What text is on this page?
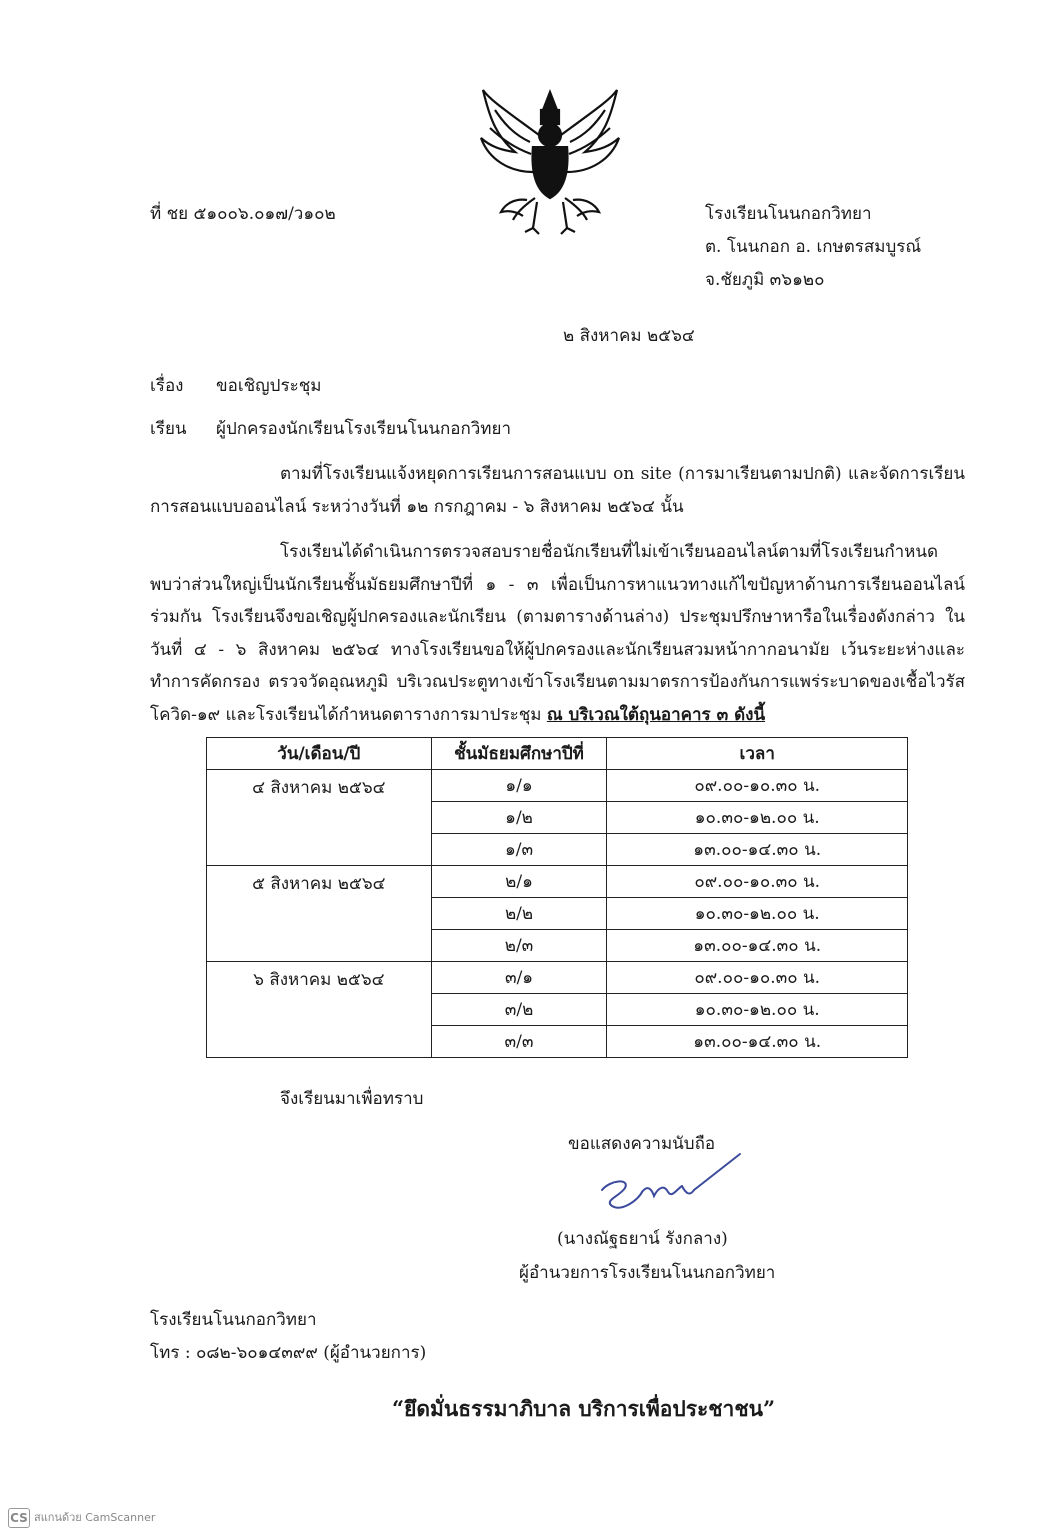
ที่ ชย ๕๑๐๐๖.๐๑๗/ว๑๐๒	โรงเรียนโนนกอกวิทยา
ต. โนนกอก อ. เกษตรสมบูรณ์
จ.ชัยภูมิ ๓๖๑๒๐
๒ สิงหาคม ๒๕๖๔
เรื่อง ขอเชิญประชุม
เรียน ผู้ปกครองนักเรียนโรงเรียนโนนกอกวิทยา
ตามที่โรงเรียนแจ้งหยุดการเรียนการสอนแบบ on site (การมาเรียนตามปกติ) และจัดการเรียนการสอนแบบออนไลน์ ระหว่างวันที่ ๑๒ กรกฎาคม - ๖ สิงหาคม ๒๕๖๔ นั้น
โรงเรียนได้ดำเนินการตรวจสอบรายชื่อนักเรียนที่ไม่เข้าเรียนออนไลน์ตามที่โรงเรียนกำหนด พบว่าส่วนใหญ่เป็นนักเรียนชั้นมัธยมศึกษาปีที่ ๑ - ๓ เพื่อเป็นการหาแนวทางแก้ไขปัญหาด้านการเรียนออนไลน์ร่วมกัน โรงเรียนจึงขอเชิญผู้ปกครองและนักเรียน (ตามตารางด้านล่าง) ประชุมปรึกษาหารือในเรื่องดังกล่าว ในวันที่ ๔ - ๖ สิงหาคม ๒๕๖๔ ทางโรงเรียนขอให้ผู้ปกครองและนักเรียนสวมหน้ากากอนามัย เว้นระยะห่างและทำการคัดกรอง ตรวจวัดอุณหภูมิ บริเวณประตูทางเข้าโรงเรียนตามมาตรการป้องกันการแพร่ระบาดของเชื้อไวรัสโควิด-๑๙ และโรงเรียนได้กำหนดตารางการมาประชุม ณ บริเวณใต้ถุนอาคาร ๓ ดังนี้
วัน/เดือน/ปี	ชั้นมัธยมศึกษาปีที่	เวลา
๔ สิงหาคม ๒๕๖๔	๑/๑	๐๙.๐๐-๑๐.๓๐ น.
	๑/๒	๑๐.๓๐-๑๒.๐๐ น.
	๑/๓	๑๓.๐๐-๑๔.๓๐ น.
๕ สิงหาคม ๒๕๖๔	๒/๑	๐๙.๐๐-๑๐.๓๐ น.
	๒/๒	๑๐.๓๐-๑๒.๐๐ น.
	๒/๓	๑๓.๐๐-๑๔.๓๐ น.
๖ สิงหาคม ๒๕๖๔	๓/๑	๐๙.๐๐-๑๐.๓๐ น.
	๓/๒	๑๐.๓๐-๑๒.๐๐ น.
	๓/๓	๑๓.๐๐-๑๔.๓๐ น.
จึงเรียนมาเพื่อทราบ
ขอแสดงความนับถือ
(นางณัฐธยาน์ รังกลาง)
ผู้อำนวยการโรงเรียนโนนกอกวิทยา
โรงเรียนโนนกอกวิทยา
โทร : ๐๘๒-๖๐๑๔๓๙๙ (ผู้อำนวยการ)
“ยึดมั่นธรรมาภิบาล บริการเพื่อประชาชน”
CS สแกนด้วย CamScanner
